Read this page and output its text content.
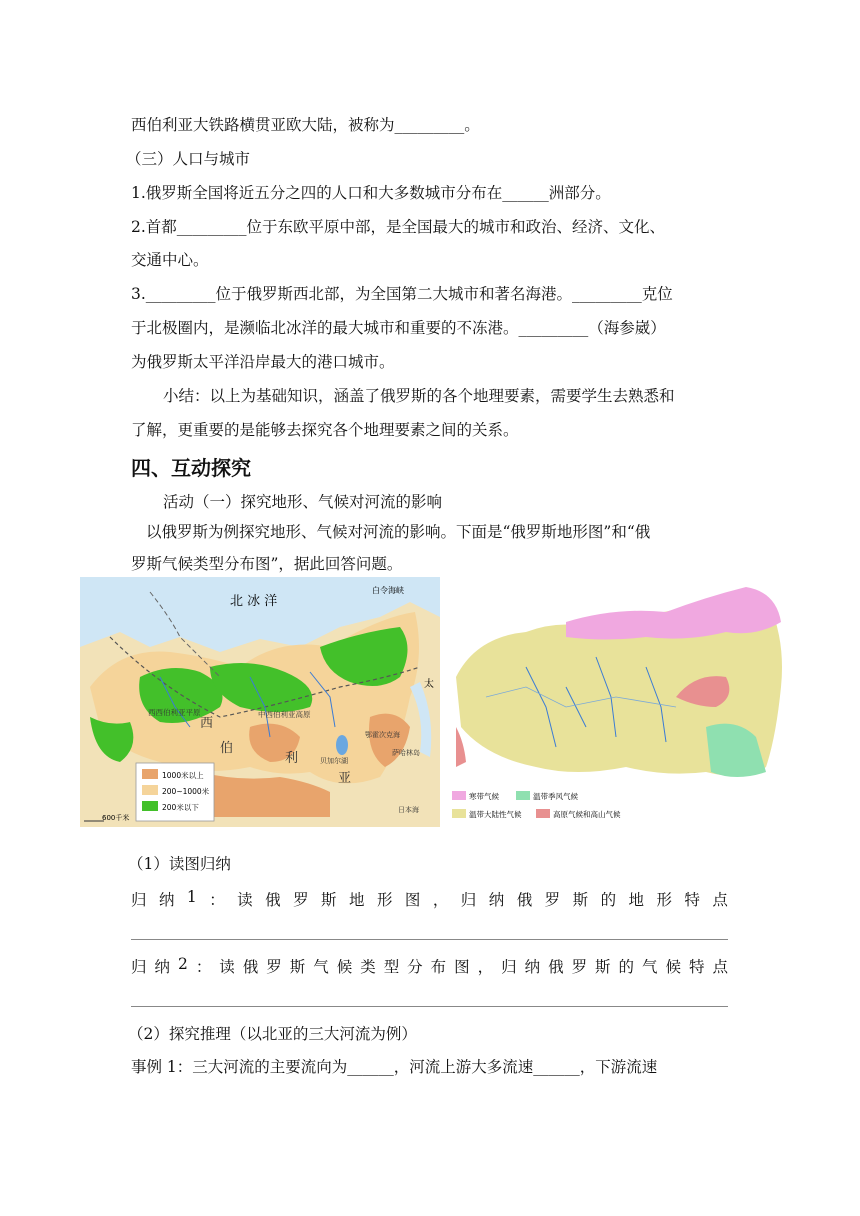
西伯利亚大铁路横贯亚欧大陆，被称为_________。
（三）人口与城市
1.俄罗斯全国将近五分之四的人口和大多数城市分布在______洲部分。
2.首都_________位于东欧平原中部，是全国最大的城市和政治、经济、文化、
交通中心。
3._________位于俄罗斯西北部，为全国第二大城市和著名海港。_________克位
于北极圈内，是濒临北冰洋的最大城市和重要的不冻港。_________（海参崴）
为俄罗斯太平洋沿岸最大的港口城市。
小结：以上为基础知识，涵盖了俄罗斯的各个地理要素，需要学生去熟悉和
了解，更重要的是能够去探究各个地理要素之间的关系。
四、互动探究
活动（一）探究地形、气候对河流的影响
以俄罗斯为例探究地形、气候对河流的影响。下面是“俄罗斯地形图”和“俄
罗斯气候类型分布图”，据此回答问题。
北 冰 洋
白令海峡
太
西
伯
利
亚
西西伯利亚平原	中西伯利亚高原
贝加尔湖
鄂霍次克海
萨哈林岛
日本海
1000米以上
200~1000米
200米以下
600千米
寒带气候	温带季风气候
温带大陆性气候	高原气候和高山气候
（1）读图归纳
归 纳 1 ： 读 俄 罗 斯 地 形 图 ， 归 纳 俄 罗 斯 的 地 形 特 点
归 纳 2 ： 读 俄 罗 斯 气 候 类 型 分 布 图 ， 归 纳 俄 罗 斯 的 气 候 特 点
（2）探究推理（以北亚的三大河流为例）
事例 1：三大河流的主要流向为______，河流上游大多流速______，下游流速
